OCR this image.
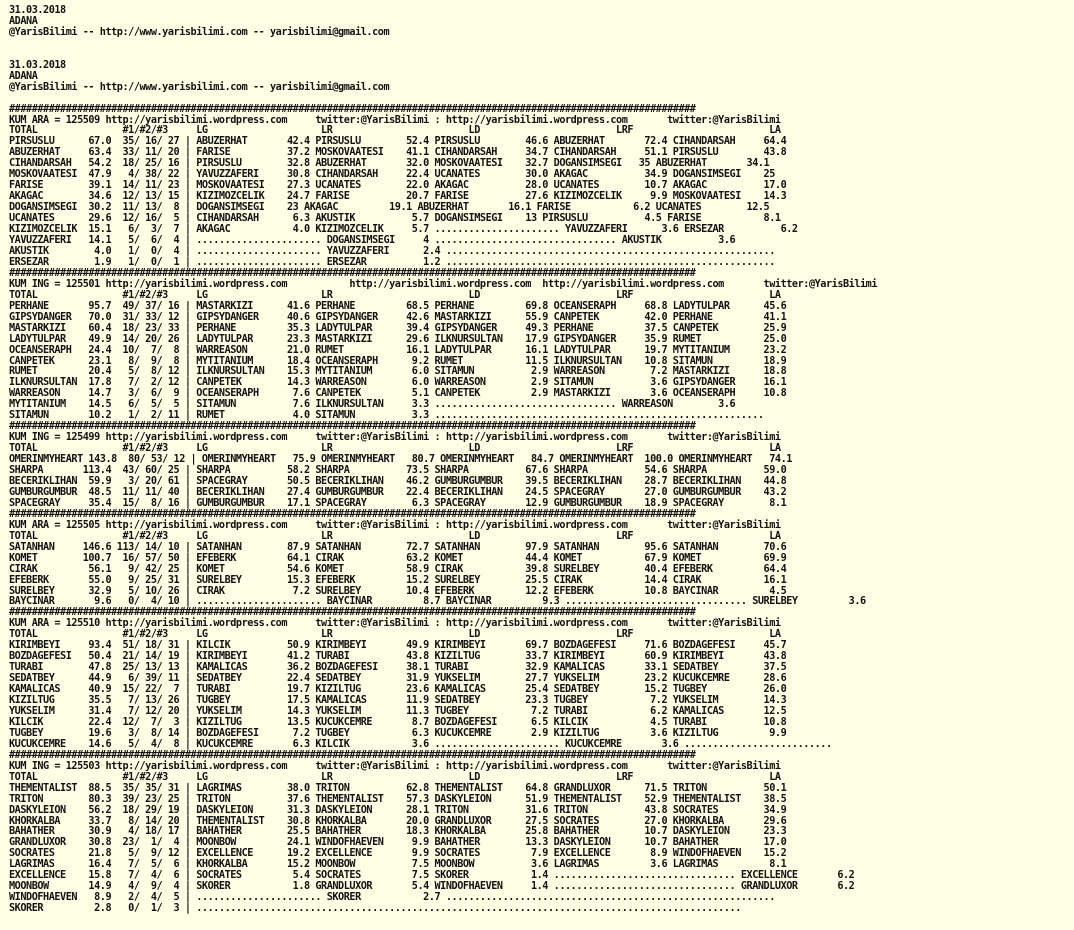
31.03.2018
ADANA
@YarisBilimi -- http://www.yarisbilimi.com -- yarisbilimi@gmail.com

31.03.2018
ADANA
@YarisBilimi -- http://www.yarisbilimi.com -- yarisbilimi@gmail.com

#########################################################################################################################
KUM ARA = 125509 http://yarisbilimi.wordpress.com     twitter:@YarisBilimi : http://yarisbilimi.wordpress.com       twitter:@YarisBilimi
TOTAL               #1/#2/#3     LG                    LR                        LD                        LRF                        LA
PIRSUSLU      67.0  35/ 16/ 27 | ABUZERHAT       42.4 PIRSUSLU        52.4 PIRSUSLU        46.6 ABUZERHAT       72.4 CIHANDARSAH     64.4
ABUZERHAT     63.4  33/ 11/ 20 | FARISE          37.2 MOSKOVAATESI    41.1 CIHANDARSAH     34.7 CIHANDARSAH     51.1 PIRSUSLU        43.8
CIHANDARSAH   54.2  18/ 25/ 16 | PIRSUSLU        32.8 ABUZERHAT       32.0 MOSKOVAATESI    32.7 DOGANSIMSEGI   35 ABUZERHAT       34.1
MOSKOVAATESI  47.9   4/ 38/ 22 | YAVUZZAFERI     30.8 CIHANDARSAH     22.4 UCANATES        30.0 AKAGAC          34.9 DOGANSIMSEGI    25
FARISE        39.1  14/ 11/ 23 | MOSKOVAATESI    27.3 UCANATES        22.0 AKAGAC          28.0 UCANATES        10.7 AKAGAC          17.0
AKAGAC        34.6  12/ 13/ 15 | KIZIMOZCELIK    24.7 FARISE          20.7 FARISE          27.6 KIZIMOZCELIK     9.9 MOSKOVAATESI    14.3
DOGANSIMSEGI  30.2  11/ 13/  8 | DOGANSIMSEGI    23 AKAGAC         19.1 ABUZERHAT       16.1 FARISE           6.2 UCANATES        12.5
UCANATES      29.6  12/ 16/  5 | CIHANDARSAH      6.3 AKUSTIK          5.7 DOGANSIMSEGI    13 PIRSUSLU          4.5 FARISE           8.1
KIZIMOZCELIK  15.1   6/  3/  7 | AKAGAC           4.0 KIZIMOZCELIK     5.7 ...................... YAVUZZAFERI      3.6 ERSEZAR          6.2
YAVUZZAFERI   14.1   5/  6/  4 | ...................... DOGANSIMSEGI     4 ................................ AKUSTIK          3.6
AKUSTIK        4.0   1/  0/  4 | ...................... YAVUZZAFERI      2.4 ..........................................................
ERSEZAR        1.9   1/  0/  1 | ...................... ERSEZAR          1.2 ..........................................................
#########################################################################################################################
KUM ING = 125501 http://yarisbilimi.wordpress.com           http://yarisbilimi.wordpress.com  http://yarisbilimi.wordpress.com       twitter:@YarisBilimi
TOTAL               #1/#2/#3     LG                    LR                        LD                        LRF                        LA
PERHANE       95.7  49/ 37/ 16 | MASTARKIZI      41.6 PERHANE         68.5 PERHANE         69.8 OCEANSERAPH     68.8 LADYTULPAR      45.6
GIPSYDANGER   70.0  31/ 33/ 12 | GIPSYDANGER     40.6 GIPSYDANGER     42.6 MASTARKIZI      55.9 CANPETEK        42.0 PERHANE         41.1
MASTARKIZI    60.4  18/ 23/ 33 | PERHANE         35.3 LADYTULPAR      39.4 GIPSYDANGER     49.3 PERHANE         37.5 CANPETEK        25.9
LADYTULPAR    49.9  14/ 20/ 26 | LADYTULPAR      23.3 MASTARKIZI      29.6 ILKNURSULTAN    17.9 GIPSYDANGER     35.9 RUMET           25.0
OCEANSERAPH   24.4  10/  7/  8 | WARREASON       21.0 RUMET           16.1 LADYTULPAR      16.1 LADYTULPAR      19.7 MYTITANIUM      23.2
CANPETEK      23.1   8/  9/  8 | MYTITANIUM      18.4 OCEANSERAPH      9.2 RUMET           11.5 ILKNURSULTAN    10.8 SITAMUN         18.9
RUMET         20.4   5/  8/ 12 | ILKNURSULTAN    15.3 MYTITANIUM       6.0 SITAMUN          2.9 WARREASON        7.2 MASTARKIZI      18.8
ILKNURSULTAN  17.8   7/  2/ 12 | CANPETEK        14.3 WARREASON        6.0 WARREASON        2.9 SITAMUN          3.6 GIPSYDANGER     16.1
WARREASON     14.7   3/  6/  9 | OCEANSERAPH      7.6 CANPETEK         5.1 CANPETEK         2.9 MASTARKIZI       3.6 OCEANSERAPH     10.8
MYTITANIUM    14.5   6/  5/  5 | SITAMUN          7.6 ILKNURSULTAN     3.3 ................................ WARREASON        3.6
SITAMUN       10.2   1/  2/ 11 | RUMET            4.0 SITAMUN          3.3 ..........................................................
#########################################################################################################################
KUM ING = 125499 http://yarisbilimi.wordpress.com     twitter:@YarisBilimi : http://yarisbilimi.wordpress.com       twitter:@YarisBilimi
TOTAL               #1/#2/#3     LG                    LR                        LD                        LRF                        LA
OMERINMYHEART 143.8  80/ 53/ 12 | OMERINMYHEART   75.9 OMERINMYHEART   80.7 OMERINMYHEART   84.7 OMERINMYHEART  100.0 OMERINMYHEART   74.1
SHARPA       113.4  43/ 60/ 25 | SHARPA          58.2 SHARPA          73.5 SHARPA          67.6 SHARPA          54.6 SHARPA          59.0
BECERIKLIHAN  59.9   3/ 20/ 61 | SPACEGRAY       50.5 BECERIKLIHAN    46.2 GUMBURGUMBUR    39.5 BECERIKLIHAN    28.7 BECERIKLIHAN    44.8
GUMBURGUMBUR  48.5  11/ 11/ 40 | BECERIKLIHAN    27.4 GUMBURGUMBUR    22.4 BECERIKLIHAN    24.5 SPACEGRAY       27.0 GUMBURGUMBUR    43.2
SPACEGRAY     35.4  15/  8/ 16 | GUMBURGUMBUR    17.1 SPACEGRAY        6.3 SPACEGRAY       12.9 GUMBURGUMBUR    18.9 SPACEGRAY        8.1
#########################################################################################################################
KUM ARA = 125505 http://yarisbilimi.wordpress.com     twitter:@YarisBilimi : http://yarisbilimi.wordpress.com       twitter:@YarisBilimi
TOTAL               #1/#2/#3     LG                    LR                        LD                        LRF                        LA
SATANHAN     146.6 113/ 14/ 10 | SATANHAN        87.9 SATANHAN        72.7 SATANHAN        97.9 SATANHAN        95.6 SATANHAN        70.6
KOMET        100.7  16/ 57/ 50 | EFEBERK         64.1 CIRAK           63.2 KOMET           44.4 KOMET           67.9 KOMET           69.9
CIRAK         56.1   9/ 42/ 25 | KOMET           54.6 KOMET           58.9 CIRAK           39.8 SURELBEY        40.4 EFEBERK         64.4
EFEBERK       55.0   9/ 25/ 31 | SURELBEY        15.3 EFEBERK         15.2 SURELBEY        25.5 CIRAK           14.4 CIRAK           16.1
SURELBEY      32.9   5/ 10/ 26 | CIRAK            7.2 SURELBEY        10.4 EFEBERK         12.2 EFEBERK         10.8 BAYCINAR         4.5
BAYCINAR       9.6   0/  4/ 10 | ...................... BAYCINAR         8.7 BAYCINAR         9.3 ................................ SURELBEY         3.6
#########################################################################################################################
KUM ARA = 125510 http://yarisbilimi.wordpress.com     twitter:@YarisBilimi : http://yarisbilimi.wordpress.com       twitter:@YarisBilimi
TOTAL               #1/#2/#3     LG                    LR                        LD                        LRF                        LA
KIRIMBEYI     93.4  51/ 18/ 31 | KILCIK          50.9 KIRIMBEYI       49.9 KIRIMBEYI       69.7 BOZDAGEFESI     71.6 BOZDAGEFESI     45.7
BOZDAGEFESI   50.4  21/ 14/ 19 | KIRIMBEYI       41.2 TURABI          43.8 KIZILTUG        33.7 KIRIMBEYI       60.9 KIRIMBEYI       43.8
TURABI        47.8  25/ 13/ 13 | KAMALICAS       36.2 BOZDAGEFESI     38.1 TURABI          32.9 KAMALICAS       33.1 SEDATBEY        37.5
SEDATBEY      44.9   6/ 39/ 11 | SEDATBEY        22.4 SEDATBEY        31.9 YUKSELIM        27.7 YUKSELIM        23.2 KUCUKCEMRE      28.6
KAMALICAS     40.9  15/ 22/  7 | TURABI          19.7 KIZILTUG        23.6 KAMALICAS       25.4 SEDATBEY        15.2 TUGBEY          26.0
KIZILTUG      35.5   7/ 13/ 26 | TUGBEY          17.5 KAMALICAS       11.9 SEDATBEY        23.3 TUGBEY           7.2 YUKSELIM        14.3
YUKSELIM      31.4   7/ 12/ 20 | YUKSELIM        14.3 YUKSELIM        11.3 TUGBEY           7.2 TURABI           6.2 KAMALICAS       12.5
KILCIK        22.4  12/  7/  3 | KIZILTUG        13.5 KUCUKCEMRE       8.7 BOZDAGEFESI      6.5 KILCIK           4.5 TURABI          10.8
TUGBEY        19.6   3/  8/ 14 | BOZDAGEFESI      7.2 TUGBEY           6.3 KUCUKCEMRE       2.9 KIZILTUG         3.6 KIZILTUG         9.9
KUCUKCEMRE    14.6   5/  4/  8 | KUCUKCEMRE       6.3 KILCIK           3.6 ...................... KUCUKCEMRE       3.6 ..........................
#########################################################################################################################
KUM ING = 125503 http://yarisbilimi.wordpress.com     twitter:@YarisBilimi : http://yarisbilimi.wordpress.com       twitter:@YarisBilimi
TOTAL               #1/#2/#3     LG                    LR                        LD                        LRF                        LA
THEMENTALIST  88.5  35/ 35/ 31 | LAGRIMAS        38.0 TRITON          62.8 THEMENTALIST    64.8 GRANDLUXOR      71.5 TRITON          50.1
TRITON        80.3  39/ 23/ 25 | TRITON          37.6 THEMENTALIST    57.3 DASKYLEION      51.9 THEMENTALIST    52.9 THEMENTALIST    38.5
DASKYLEION    56.2  18/ 29/ 19 | DASKYLEION      31.3 DASKYLEION      28.1 TRITON          31.6 TRITON          43.8 SOCRATES        34.9
KHORKALBA     33.7   8/ 14/ 20 | THEMENTALIST    30.8 KHORKALBA       20.0 GRANDLUXOR      27.5 SOCRATES        27.0 KHORKALBA       29.6
BAHATHER      30.9   4/ 18/ 17 | BAHATHER        25.5 BAHATHER        18.3 KHORKALBA       25.8 BAHATHER        10.7 DASKYLEION      23.3
GRANDLUXOR    30.8  23/  1/  4 | MOONBOW         24.1 WINDOFHAEVEN     9.9 BAHATHER        13.3 DASKYLEION      10.7 BAHATHER        17.0
SOCRATES      21.8   5/  9/ 12 | EXCELLENCE      19.2 EXCELLENCE       9.9 SOCRATES         7.9 EXCELLENCE       8.9 WINDOFHAEVEN    15.2
LAGRIMAS      16.4   7/  5/  6 | KHORKALBA       15.2 MOONBOW          7.5 MOONBOW          3.6 LAGRIMAS         3.6 LAGRIMAS         8.1
EXCELLENCE    15.8   7/  4/  6 | SOCRATES         5.4 SOCRATES         7.5 SKORER           1.4 ................................ EXCELLENCE       6.2
MOONBOW       14.9   4/  9/  4 | SKORER           1.8 GRANDLUXOR       5.4 WINDOFHAEVEN     1.4 ................................ GRANDLUXOR       6.2
WINDOFHAEVEN   8.9   2/  4/  5 | ...................... SKORER           2.7 ..........................................................
SKORER         2.8   0/  1/  3 | ................................................................................................
